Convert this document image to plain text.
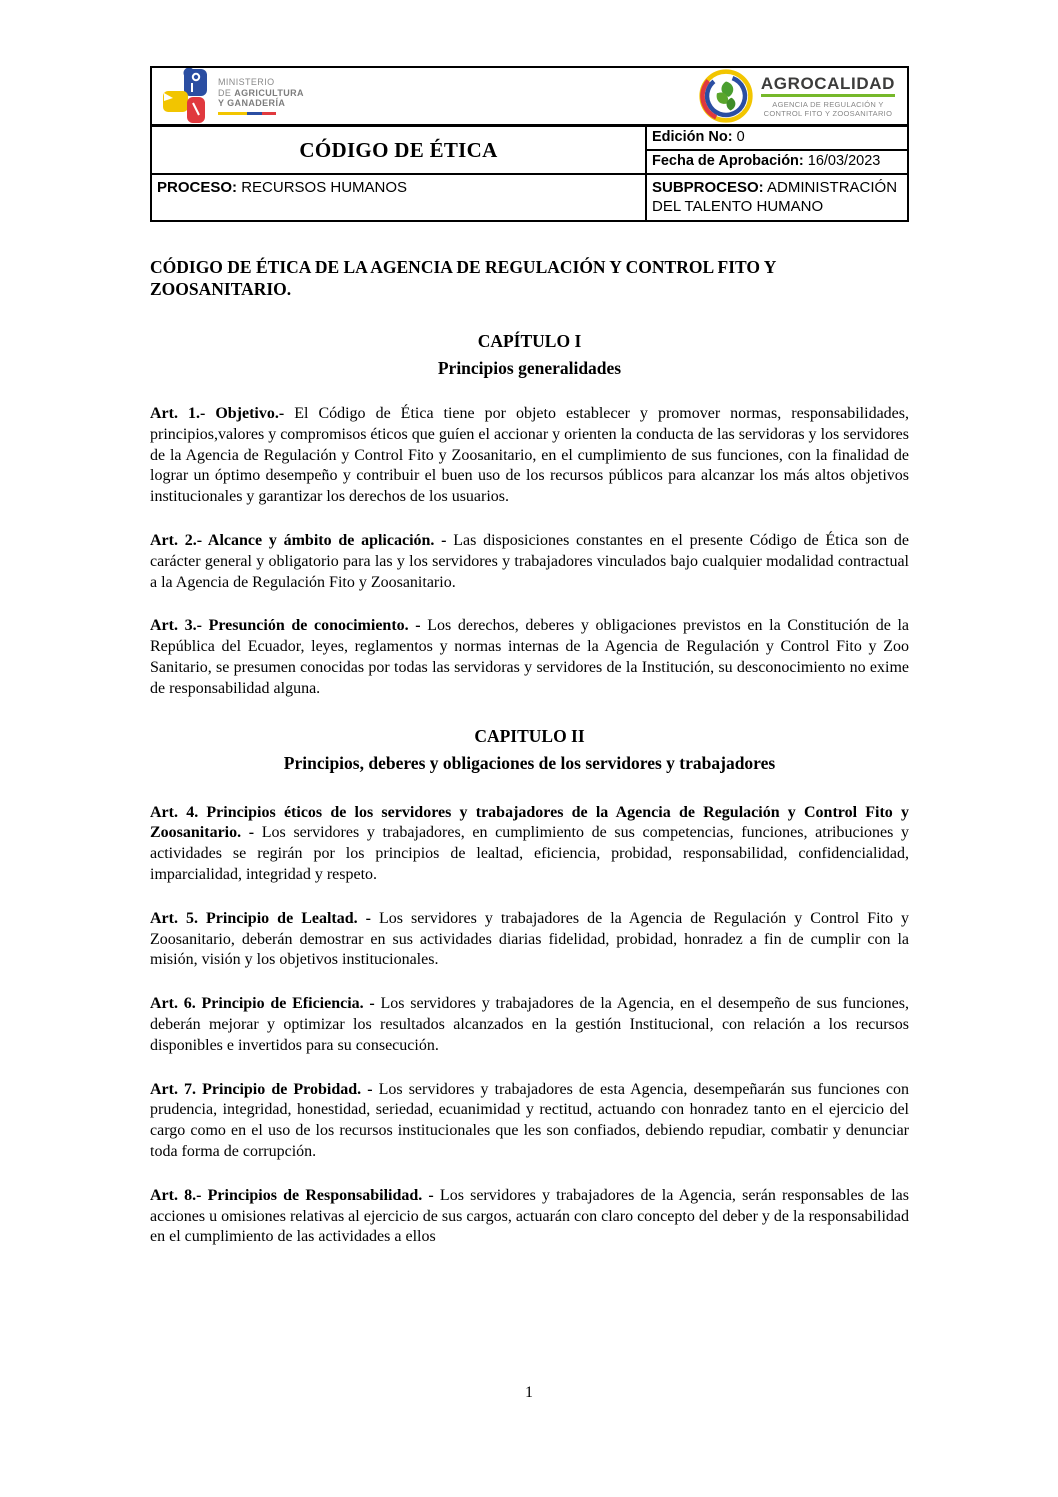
MINISTERIO
DE AGRICULTURA
Y GANADERÍA
AGROCALIDAD
AGENCIA DE REGULACIÓN Y
CONTROL FITO Y ZOOSANITARIO
CÓDIGO DE ÉTICA
Edición No: 0
Fecha de Aprobación: 16/03/2023
PROCESO: RECURSOS HUMANOS	SUBPROCESO: ADMINISTRACIÓN DEL TALENTO HUMANO

CÓDIGO DE ÉTICA DE LA AGENCIA DE REGULACIÓN Y CONTROL FITO Y ZOOSANITARIO.

CAPÍTULO I
Principios generalidades

Art. 1.- Objetivo.- El Código de Ética tiene por objeto establecer y promover normas, responsabilidades, principios,valores y compromisos éticos que guíen el accionar y orienten la conducta de las servidoras y los servidores de la Agencia de Regulación y Control Fito y Zoosanitario, en el cumplimiento de sus funciones, con la finalidad de lograr un óptimo desempeño y contribuir el buen uso de los recursos públicos para alcanzar los más altos objetivos institucionales y garantizar los derechos de los usuarios.

Art. 2.- Alcance y ámbito de aplicación. - Las disposiciones constantes en el presente Código de Ética son de carácter general y obligatorio para las y los servidores y trabajadores vinculados bajo cualquier modalidad contractual a la Agencia de Regulación Fito y Zoosanitario.

Art. 3.- Presunción de conocimiento. - Los derechos, deberes y obligaciones previstos en la Constitución de la República del Ecuador, leyes, reglamentos y normas internas de la Agencia de Regulación y Control Fito y Zoo Sanitario, se presumen conocidas por todas las servidoras y servidores de la Institución, su desconocimiento no exime de responsabilidad alguna.

CAPITULO II
Principios, deberes y obligaciones de los servidores y trabajadores

Art. 4. Principios éticos de los servidores y trabajadores de la Agencia de Regulación y Control Fito y Zoosanitario. - Los servidores y trabajadores, en cumplimiento de sus competencias, funciones, atribuciones y actividades se regirán por los principios de lealtad, eficiencia, probidad, responsabilidad, confidencialidad, imparcialidad, integridad y respeto.

Art. 5. Principio de Lealtad. - Los servidores y trabajadores de la Agencia de Regulación y Control Fito y Zoosanitario, deberán demostrar en sus actividades diarias fidelidad, probidad, honradez a fin de cumplir con la misión, visión y los objetivos institucionales.

Art. 6. Principio de Eficiencia. - Los servidores y trabajadores de la Agencia, en el desempeño de sus funciones, deberán mejorar y optimizar los resultados alcanzados en la gestión Institucional, con relación a los recursos disponibles e invertidos para su consecución.

Art. 7. Principio de Probidad. - Los servidores y trabajadores de esta Agencia, desempeñarán sus funciones con prudencia, integridad, honestidad, seriedad, ecuanimidad y rectitud, actuando con honradez tanto en el ejercicio del cargo como en el uso de los recursos institucionales que les son confiados, debiendo repudiar, combatir y denunciar toda forma de corrupción.

Art. 8.- Principios de Responsabilidad. - Los servidores y trabajadores de la Agencia, serán responsables de las acciones u omisiones relativas al ejercicio de sus cargos, actuarán con claro concepto del deber y de la responsabilidad en el cumplimiento de las actividades a ellos

1
